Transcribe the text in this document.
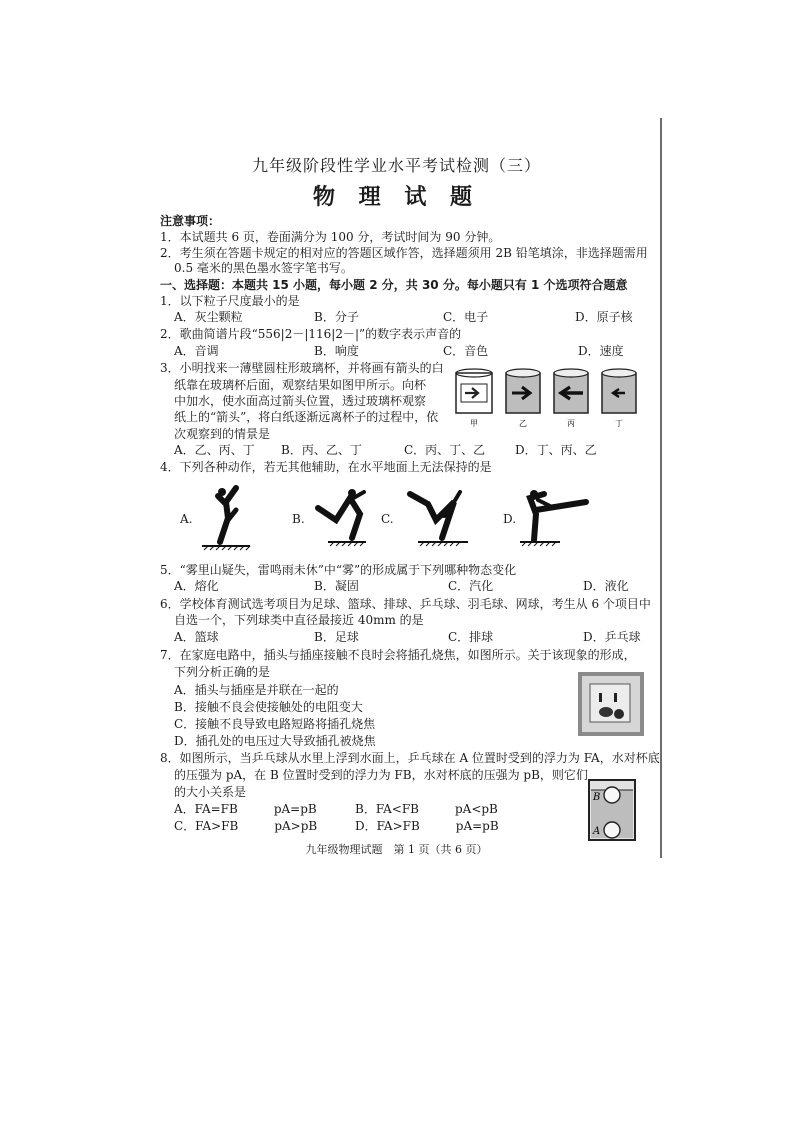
九年级阶段性学业水平考试检测（三）
物 理 试 题
注意事项：
1．本试题共 6 页，卷面满分为 100 分，考试时间为 90 分钟。
2．考生须在答题卡规定的相对应的答题区域作答，选择题须用 2B 铅笔填涂，非选择题需用
0.5 毫米的黑色墨水签字笔书写。
一、选择题：本题共 15 小题，每小题 2 分，共 30 分。每小题只有 1 个选项符合题意
1．以下粒子尺度最小的是
A．灰尘颗粒	B．分子	C．电子	D．原子核
2．歌曲简谱片段“556|2－|116|2－|”的数字表示声音的
A．音调	B．响度	C．音色	D．速度
3．小明找来一薄壁圆柱形玻璃杯，并将画有箭头的白
纸靠在玻璃杯后面，观察结果如图甲所示。向杯
中加水，使水面高过箭头位置，透过玻璃杯观察
纸上的“箭头”，将白纸逐渐远离杯子的过程中，依
次观察到的情景是
A．乙、丙、丁 B．丙、乙、丁	C．丙、丁、乙 D．丁、丙、乙
甲	乙	丙	丁
4．下列各种动作，若无其他辅助，在水平地面上无法保持的是
A.	B.	C.	D.
5．“雾里山疑失，雷鸣雨未休”中“雾”的形成属于下列哪种物态变化
A．熔化	B．凝固	C．汽化	D．液化
6．学校体育测试选考项目为足球、篮球、排球、乒乓球、羽毛球、网球，考生从 6 个项目中
自选一个，下列球类中直径最接近 40mm 的是
A．篮球	B．足球	C．排球	D．乒乓球
7．在家庭电路中，插头与插座接触不良时会将插孔烧焦，如图所示。关于该现象的形成，
下列分析正确的是
A．插头与插座是并联在一起的
B．接触不良会使接触处的电阻变大
C．接触不良导致电路短路将插孔烧焦
D．插孔处的电压过大导致插孔被烧焦
8．如图所示，当乒乓球从水里上浮到水面上，乒乓球在 A 位置时受到的浮力为 FA，水对杯底
的压强为 pA，在 B 位置时受到的浮力为 FB，水对杯底的压强为 pB，则它们
的大小关系是
A．FA=FB　　　pA=pB	B．FA<FB　　　pA<pB
C．FA>FB　　　pA>pB	D．FA>FB　　　pA=pB
B
A
九年级物理试题　第 1 页（共 6 页）
